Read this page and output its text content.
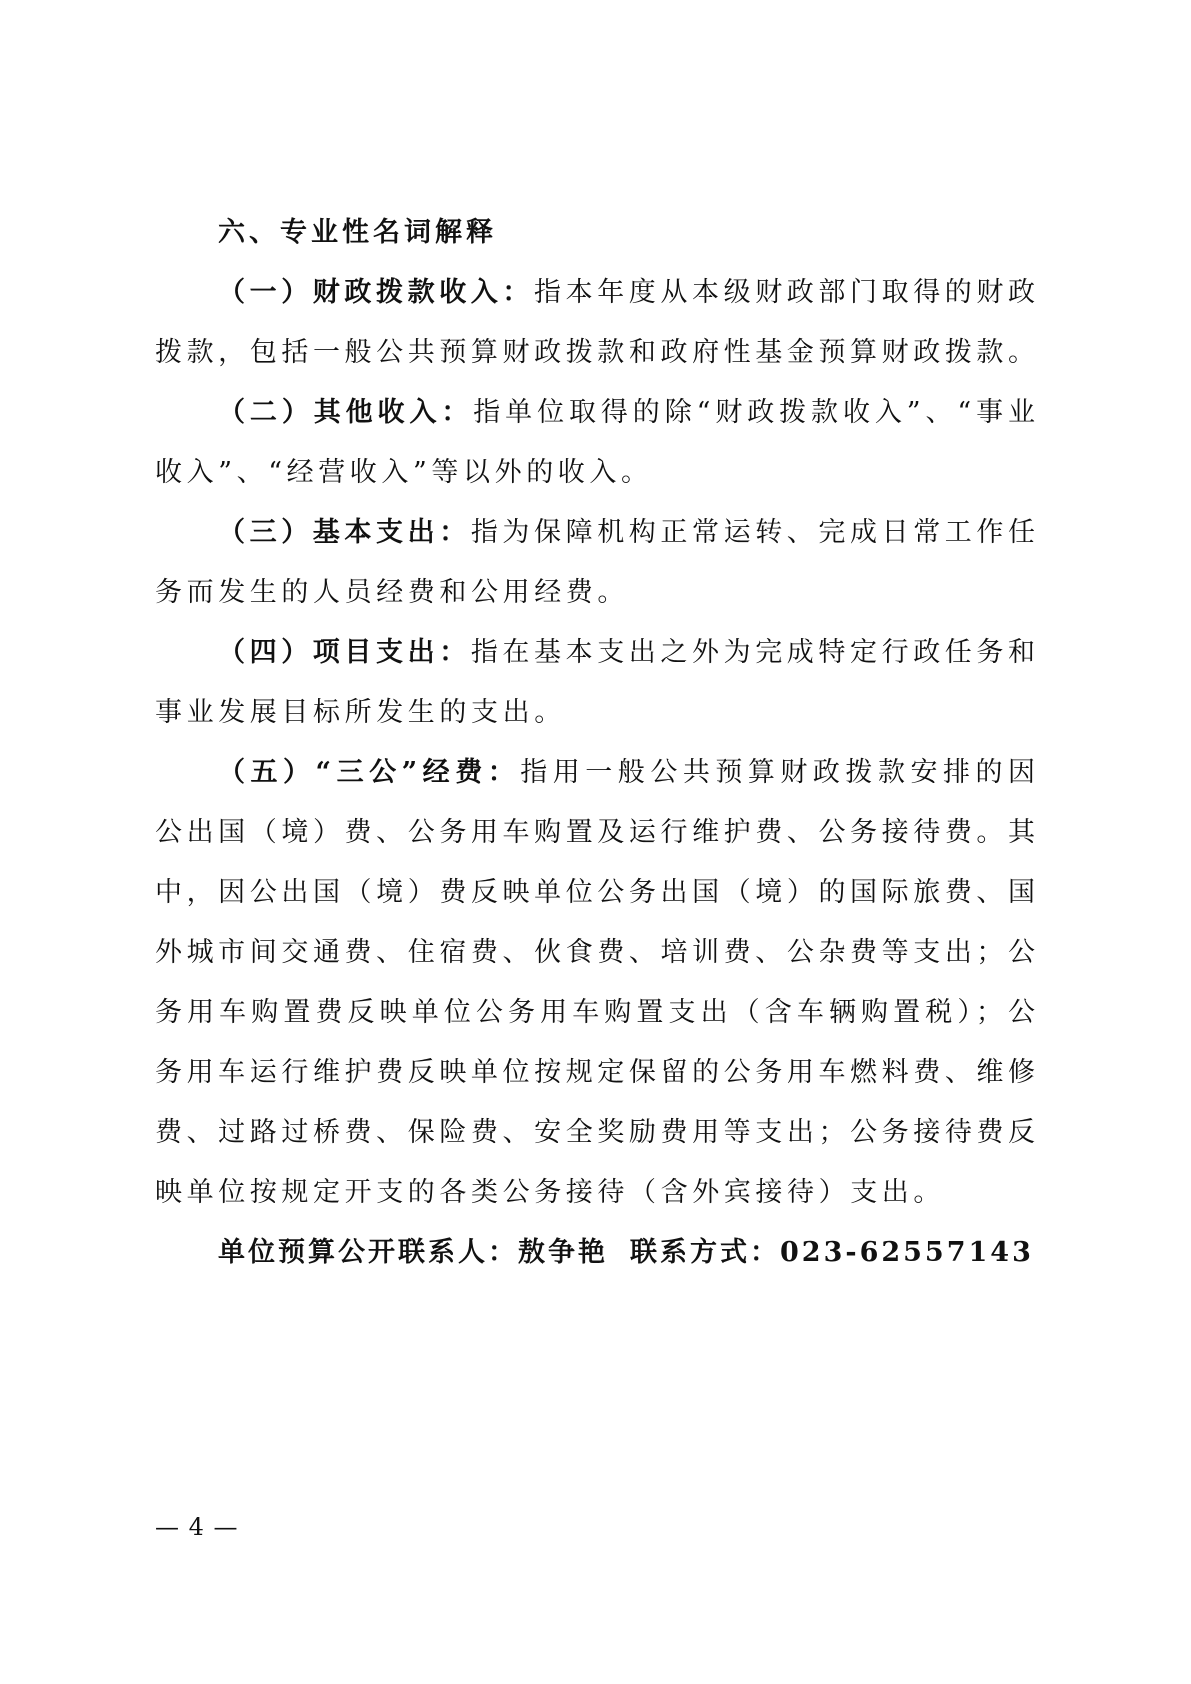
六、专业性名词解释
（一）财政拨款收入：指本年度从本级财政部门取得的财政
拨款，包括一般公共预算财政拨款和政府性基金预算财政拨款。
（二）其他收入：指单位取得的除“财政拨款收入”、“事业
收入”、“经营收入”等以外的收入。
（三）基本支出：指为保障机构正常运转、完成日常工作任
务而发生的人员经费和公用经费。
（四）项目支出：指在基本支出之外为完成特定行政任务和
事业发展目标所发生的支出。
（五）“三公”经费：指用一般公共预算财政拨款安排的因
公出国（境）费、公务用车购置及运行维护费、公务接待费。其
中，因公出国（境）费反映单位公务出国（境）的国际旅费、国
外城市间交通费、住宿费、伙食费、培训费、公杂费等支出；公
务用车购置费反映单位公务用车购置支出（含车辆购置税）；公
务用车运行维护费反映单位按规定保留的公务用车燃料费、维修
费、过路过桥费、保险费、安全奖励费用等支出；公务接待费反
映单位按规定开支的各类公务接待（含外宾接待）支出。
单位预算公开联系人：敖争艳 联系方式：023-62557143
— 4 —
